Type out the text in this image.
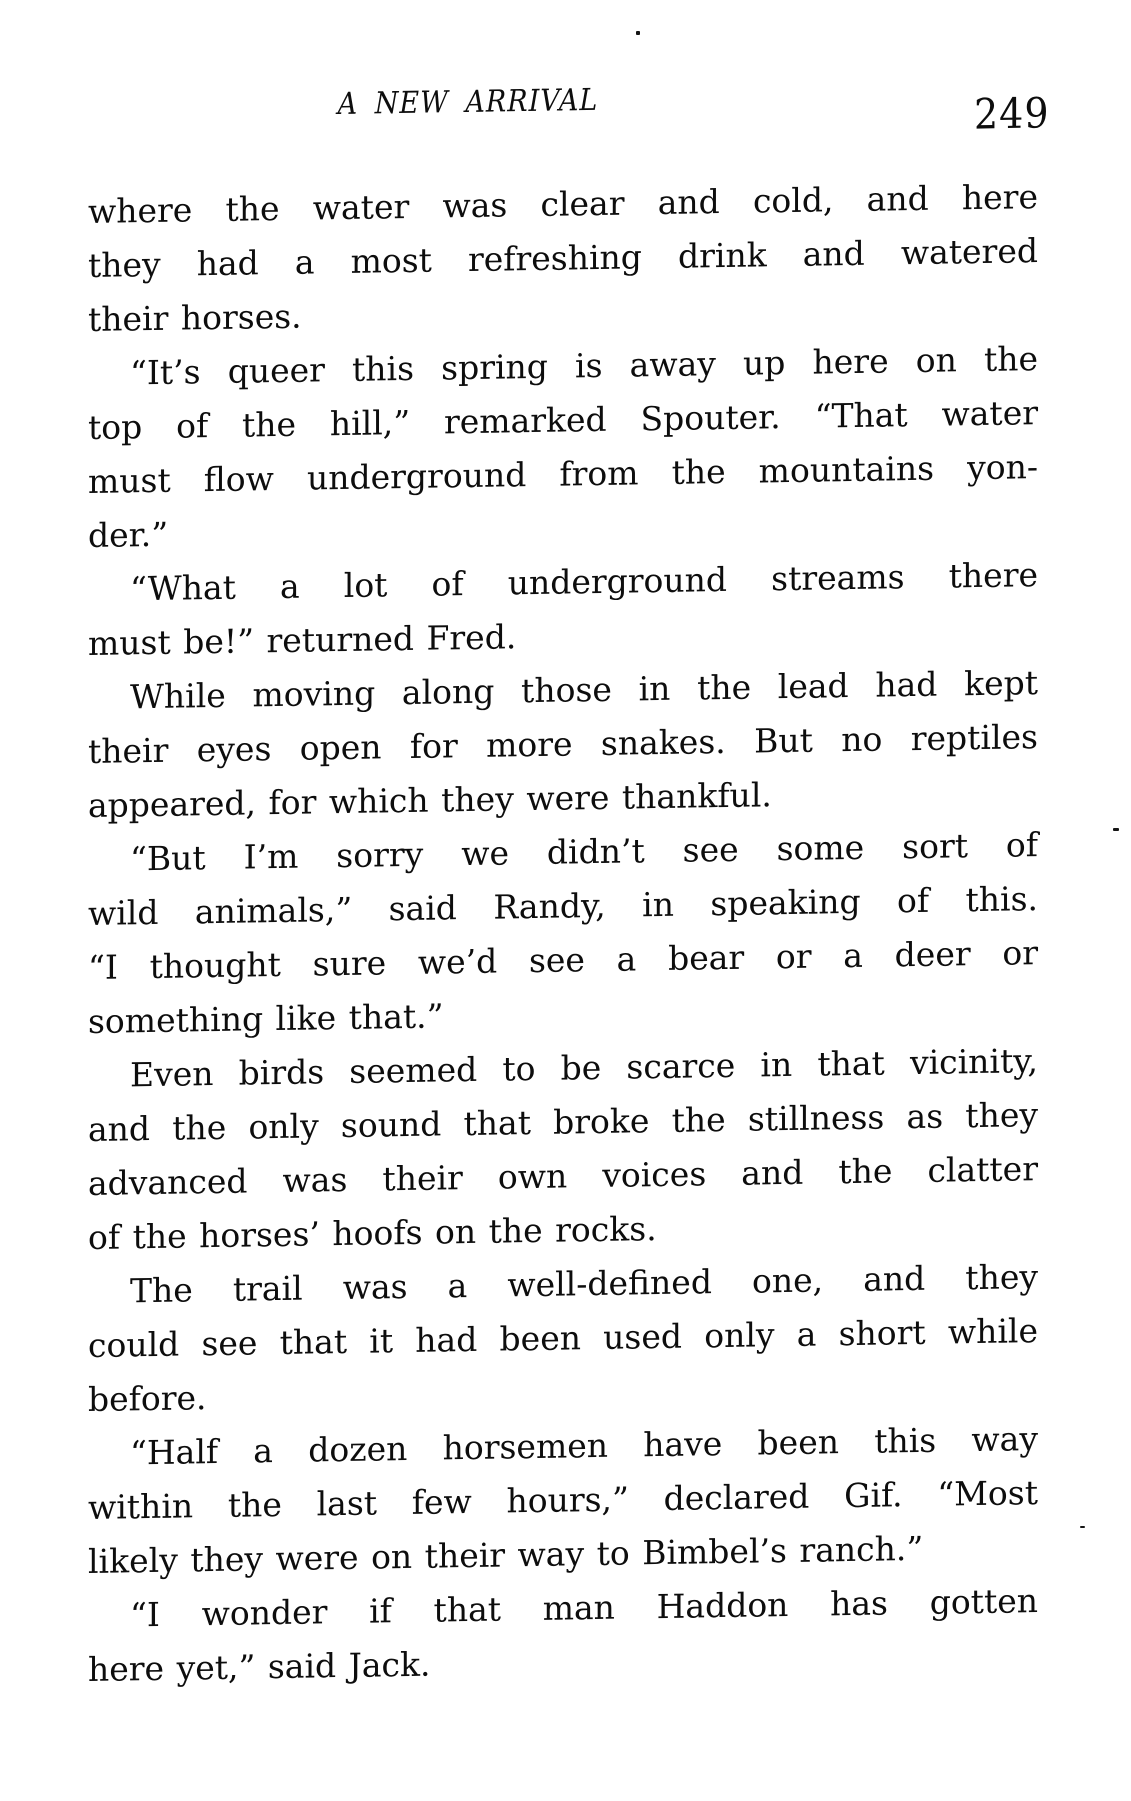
A NEW ARRIVAL	249
where the water was clear and cold, and here
they had a most refreshing drink and watered
their horses.
“It’s queer this spring is away up here on the
top of the hill,” remarked Spouter. “That water
must flow underground from the mountains yon-
der.”
“What a lot of underground streams there
must be!” returned Fred.
While moving along those in the lead had kept
their eyes open for more snakes. But no reptiles
appeared, for which they were thankful.
“But I’m sorry we didn’t see some sort of
wild animals,” said Randy, in speaking of this.
“I thought sure we’d see a bear or a deer or
something like that.”
Even birds seemed to be scarce in that vicinity,
and the only sound that broke the stillness as they
advanced was their own voices and the clatter
of the horses’ hoofs on the rocks.
The trail was a well-defined one, and they
could see that it had been used only a short while
before.
“Half a dozen horsemen have been this way
within the last few hours,” declared Gif. “Most
likely they were on their way to Bimbel’s ranch.”
“I wonder if that man Haddon has gotten
here yet,” said Jack.
